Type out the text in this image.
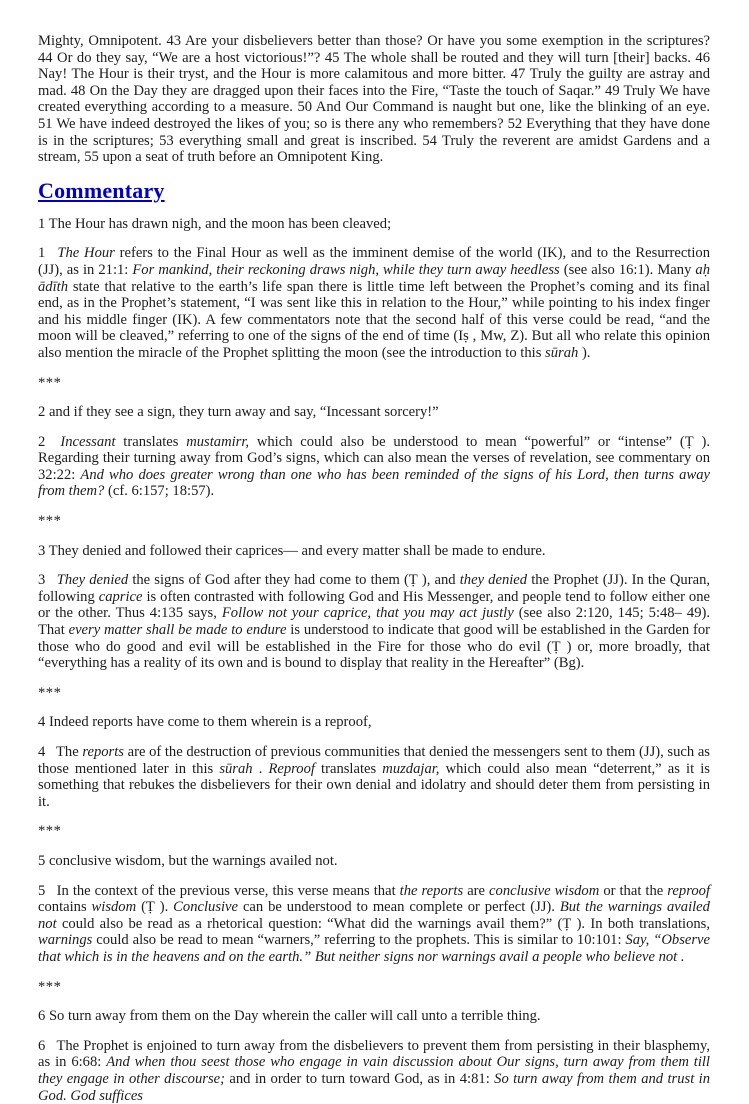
Mighty, Omnipotent. 43 Are your disbelievers better than those? Or have you some exemption in the scriptures? 44 Or do they say, “We are a host victorious!”? 45 The whole shall be routed and they will turn [their] backs. 46 Nay! The Hour is their tryst, and the Hour is more calamitous and more bitter. 47 Truly the guilty are astray and mad. 48 On the Day they are dragged upon their faces into the Fire, “Taste the touch of Saqar.” 49 Truly We have created everything according to a measure. 50 And Our Command is naught but one, like the blinking of an eye. 51 We have indeed destroyed the likes of you; so is there any who remembers? 52 Everything that they have done is in the scriptures; 53 everything small and great is inscribed. 54 Truly the reverent are amidst Gardens and a stream, 55 upon a seat of truth before an Omnipotent King.

Commentary

1 The Hour has drawn nigh, and the moon has been cleaved;

1  The Hour refers to the Final Hour as well as the imminent demise of the world (IK), and to the Resurrection (JJ), as in 21:1: For mankind, their reckoning draws nigh, while they turn away heedless (see also 16:1). Many aḥ ādīth state that relative to the earth’s life span there is little time left between the Prophet’s coming and its final end, as in the Prophet’s statement, “I was sent like this in relation to the Hour,” while pointing to his index finger and his middle finger (IK). A few commentators note that the second half of this verse could be read, “and the moon will be cleaved,” referring to one of the signs of the end of time (Iṣ , Mw, Z). But all who relate this opinion also mention the miracle of the Prophet splitting the moon (see the introduction to this sūrah ).

***

2 and if they see a sign, they turn away and say, “Incessant sorcery!”

2  Incessant translates mustamirr, which could also be understood to mean “powerful” or “intense” (Ṭ ). Regarding their turning away from God’s signs, which can also mean the verses of revelation, see commentary on 32:22: And who does greater wrong than one who has been reminded of the signs of his Lord, then turns away from them? (cf. 6:157; 18:57).

***

3 They denied and followed their caprices— and every matter shall be made to endure.

3  They denied the signs of God after they had come to them (Ṭ ), and they denied the Prophet (JJ). In the Quran, following caprice is often contrasted with following God and His Messenger, and people tend to follow either one or the other. Thus 4:135 says, Follow not your caprice, that you may act justly (see also 2:120, 145; 5:48– 49). That every matter shall be made to endure is understood to indicate that good will be established in the Garden for those who do good and evil will be established in the Fire for those who do evil (Ṭ ) or, more broadly, that “everything has a reality of its own and is bound to display that reality in the Hereafter” (Bg).

***

4 Indeed reports have come to them wherein is a reproof,

4  The reports are of the destruction of previous communities that denied the messengers sent to them (JJ), such as those mentioned later in this sūrah . Reproof translates muzdajar, which could also mean “deterrent,” as it is something that rebukes the disbelievers for their own denial and idolatry and should deter them from persisting in it.

***

5 conclusive wisdom, but the warnings availed not.

5  In the context of the previous verse, this verse means that the reports are conclusive wisdom or that the reproof contains wisdom (Ṭ ). Conclusive can be understood to mean complete or perfect (JJ). But the warnings availed not could also be read as a rhetorical question: “What did the warnings avail them?” (Ṭ ). In both translations, warnings could also be read to mean “warners,” referring to the prophets. This is similar to 10:101: Say, “Observe that which is in the heavens and on the earth.” But neither signs nor warnings avail a people who believe not .

***

6 So turn away from them on the Day wherein the caller will call unto a terrible thing.

6  The Prophet is enjoined to turn away from the disbelievers to prevent them from persisting in their blasphemy, as in 6:68: And when thou seest those who engage in vain discussion about Our signs, turn away from them till they engage in other discourse; and in order to turn toward God, as in 4:81: So turn away from them and trust in God. God suffices
